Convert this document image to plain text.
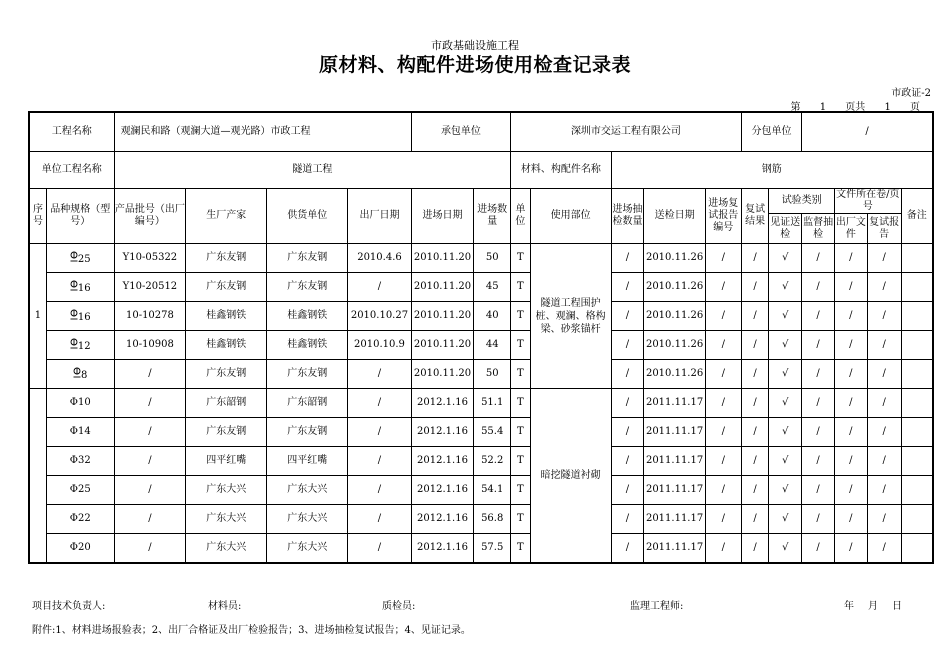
市政基础设施工程
原材料、构配件进场使用检查记录表
市政证-2
第 1 页共 1 页
工程名称		观澜民和路（观澜大道—观光路）市政工程				承包单位		深圳市交运工程有限公司					分包单位		/			
单位工程名称		隧道工程						材料、构配件名称		钢筋								
序号	品种规格（型号）	产品批号（出厂编号）	生厂产家	供货单位	出厂日期	进场日期	进场数量	单位	使用部位	进场抽检数量	送检日期	进场复试报告编号	复试结果	试验类别		文件所在卷/页号		备注
														见证送检	监督抽检	出厂文件	复试报告	
1	25	Y10-05322	广东友钢	广东友钢	2010.4.6	2010.11.20	50	T	隧道工程围护桩、观澜、格构梁、砂浆锚杆	/	2010.11.26	/	/	√	/	/	/	
	16	Y10-20512	广东友钢	广东友钢	/	2010.11.20	45	T		/	2010.11.26	/	/	√	/	/	/	
	16	10-10278	桂鑫钢铁	桂鑫钢铁	2010.10.27	2010.11.20	40	T		/	2010.11.26	/	/	√	/	/	/	
	12	10-10908	桂鑫钢铁	桂鑫钢铁	2010.10.9	2010.11.20	44	T		/	2010.11.26	/	/	√	/	/	/	
	8	/	广东友钢	广东友钢	/	2010.11.20	50	T		/	2010.11.26	/	/	√	/	/	/	
	Φ10	/	广东韶钢	广东韶钢	/	2012.1.16	51.1	T	暗挖隧道衬砌	/	2011.11.17	/	/	√	/	/	/	
	Φ14	/	广东友钢	广东友钢	/	2012.1.16	55.4	T		/	2011.11.17	/	/	√	/	/	/	
	Φ32	/	四平红嘴	四平红嘴	/	2012.1.16	52.2	T		/	2011.11.17	/	/	√	/	/	/	
	Φ25	/	广东大兴	广东大兴	/	2012.1.16	54.1	T		/	2011.11.17	/	/	√	/	/	/	
	Φ22	/	广东大兴	广东大兴	/	2012.1.16	56.8	T		/	2011.11.17	/	/	√	/	/	/	
	Φ20	/	广东大兴	广东大兴	/	2012.1.16	57.5	T		/	2011.11.17	/	/	√	/	/	/	
项目技术负责人:	材料员:	质检员:	监理工程师:	年 月 日
附件:1、材料进场报验表；2、出厂合格证及出厂检验报告；3、进场抽检复试报告；4、见证记录。
